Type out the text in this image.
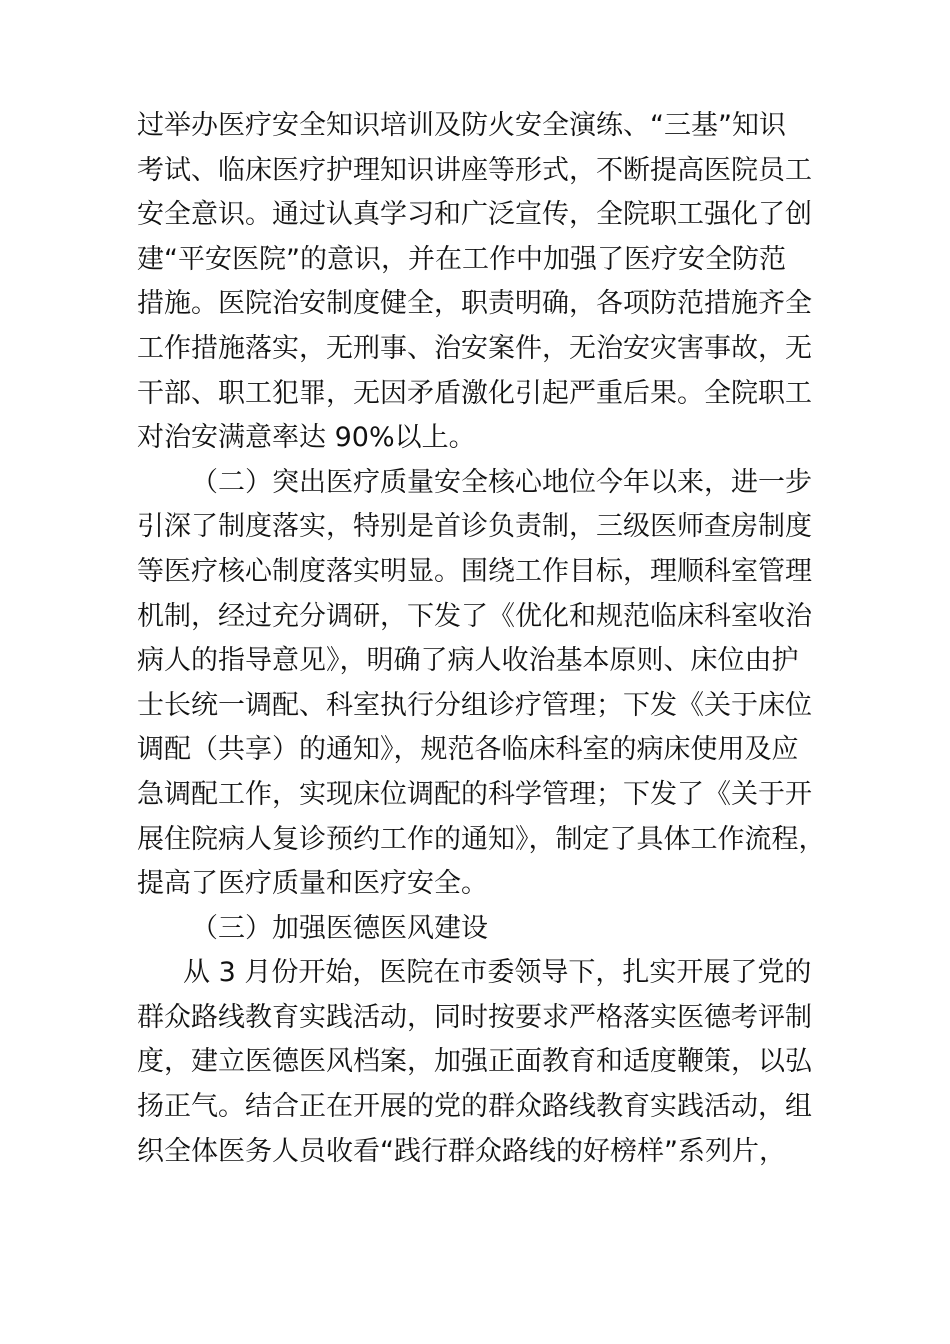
过举办医疗安全知识培训及防火安全演练、“三基”知识
考试、临床医疗护理知识讲座等形式，不断提高医院员工
安全意识。通过认真学习和广泛宣传，全院职工强化了创
建“平安医院”的意识，并在工作中加强了医疗安全防范
措施。医院治安制度健全，职责明确，各项防范措施齐全
工作措施落实，无刑事、治安案件，无治安灾害事故，无
干部、职工犯罪，无因矛盾激化引起严重后果。全院职工
对治安满意率达 90%以上。
（二）突出医疗质量安全核心地位今年以来，进一步
引深了制度落实，特别是首诊负责制，三级医师查房制度
等医疗核心制度落实明显。围绕工作目标，理顺科室管理
机制，经过充分调研，下发了《优化和规范临床科室收治
病人的指导意见》，明确了病人收治基本原则、床位由护
士长统一调配、科室执行分组诊疗管理；下发《关于床位
调配（共享）的通知》，规范各临床科室的病床使用及应
急调配工作，实现床位调配的科学管理；下发了《关于开
展住院病人复诊预约工作的通知》，制定了具体工作流程，
提高了医疗质量和医疗安全。
（三）加强医德医风建设
从 3 月份开始，医院在市委领导下，扎实开展了党的
群众路线教育实践活动，同时按要求严格落实医德考评制
度，建立医德医风档案，加强正面教育和适度鞭策，以弘
扬正气。结合正在开展的党的群众路线教育实践活动，组
织全体医务人员收看“践行群众路线的好榜样”系列片，
